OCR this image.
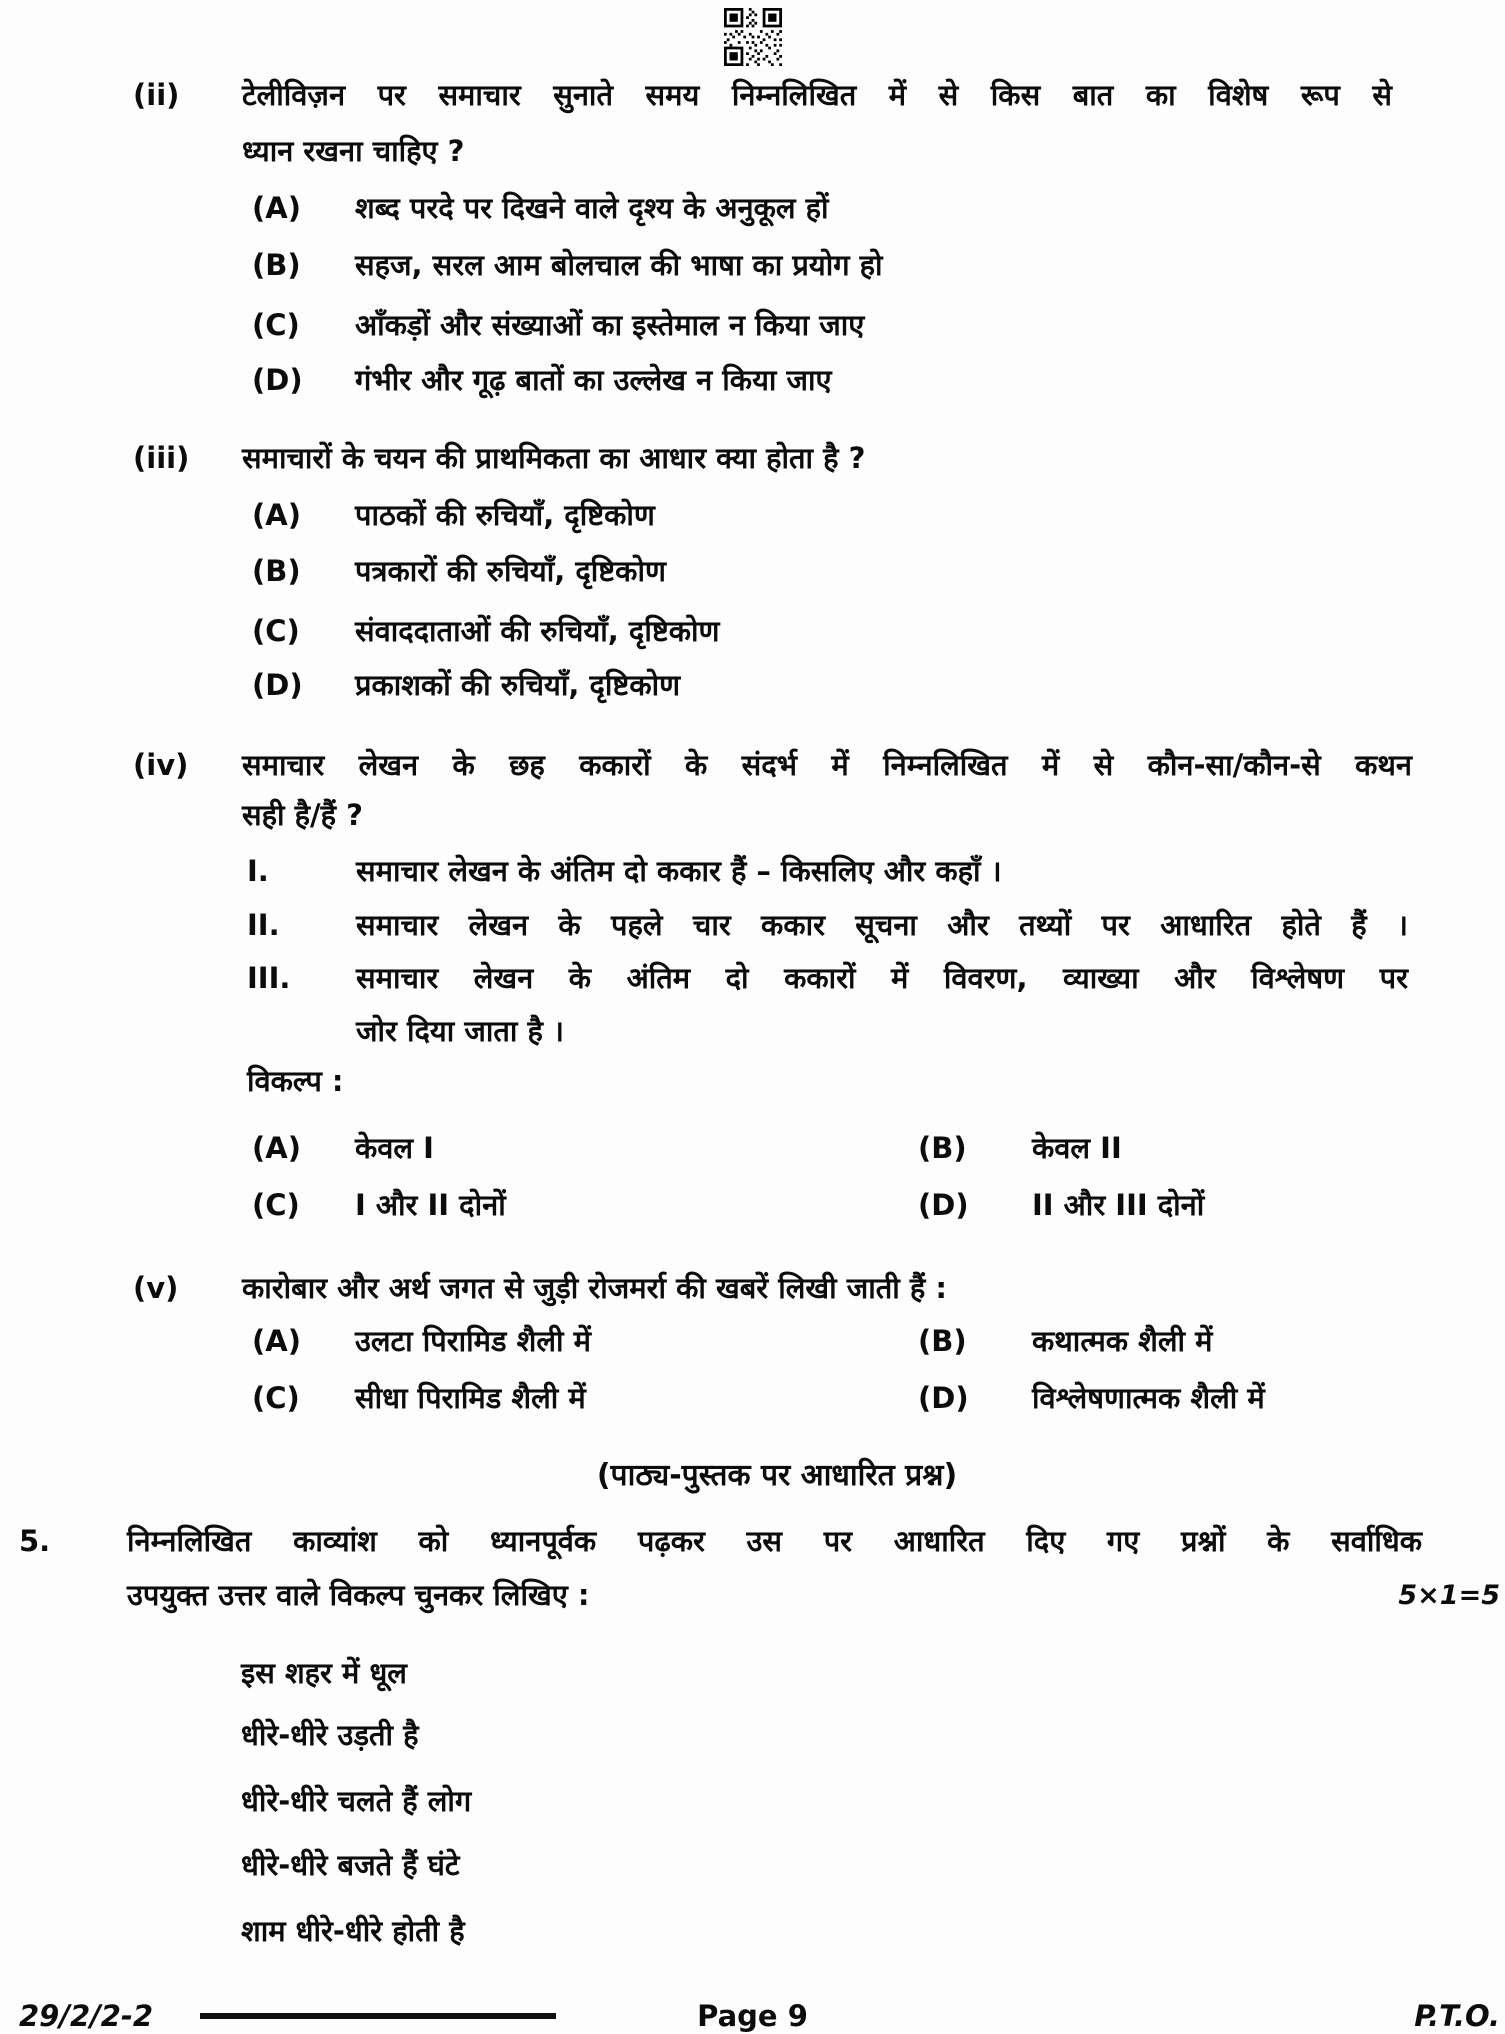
(ii) टेलीविज़न पर समाचार सुनाते समय निम्नलिखित में से किस बात का विशेष रूप से
ध्यान रखना चाहिए ?
(A) शब्द परदे पर दिखने वाले दृश्य के अनुकूल हों
(B) सहज, सरल आम बोलचाल की भाषा का प्रयोग हो
(C) आँकड़ों और संख्याओं का इस्तेमाल न किया जाए
(D) गंभीर और गूढ़ बातों का उल्लेख न किया जाए
(iii) समाचारों के चयन की प्राथमिकता का आधार क्या होता है ?
(A) पाठकों की रुचियाँ, दृष्टिकोण
(B) पत्रकारों की रुचियाँ, दृष्टिकोण
(C) संवाददाताओं की रुचियाँ, दृष्टिकोण
(D) प्रकाशकों की रुचियाँ, दृष्टिकोण
(iv) समाचार लेखन के छह ककारों के संदर्भ में निम्नलिखित में से कौन-सा/कौन-से कथन
सही है/हैं ?
I.	समाचार लेखन के अंतिम दो ककार हैं – किसलिए और कहाँ ।
II.	समाचार लेखन के पहले चार ककार सूचना और तथ्यों पर आधारित होते हैं ।
III. समाचार लेखन के अंतिम दो ककारों में विवरण, व्याख्या और विश्लेषण पर
जोर दिया जाता है ।
विकल्प :
(A) केवल I	(B) केवल II
(C) I और II दोनों	(D) II और III दोनों
(v) कारोबार और अर्थ जगत से जुड़ी रोजमर्रा की खबरें लिखी जाती हैं :
(A) उलटा पिरामिड शैली में	(B) कथात्मक शैली में
(C) सीधा पिरामिड शैली में	(D) विश्लेषणात्मक शैली में
(पाठ्य-पुस्तक पर आधारित प्रश्न)
5.	निम्नलिखित काव्यांश को ध्यानपूर्वक पढ़कर उस पर आधारित दिए गए प्रश्नों के सर्वाधिक
उपयुक्त उत्तर वाले विकल्प चुनकर लिखिए :	5×1=5
इस शहर में धूल
धीरे-धीरे उड़ती है
धीरे-धीरे चलते हैं लोग
धीरे-धीरे बजते हैं घंटे
शाम धीरे-धीरे होती है
29/2/2-2	Page 9	P.T.O.
